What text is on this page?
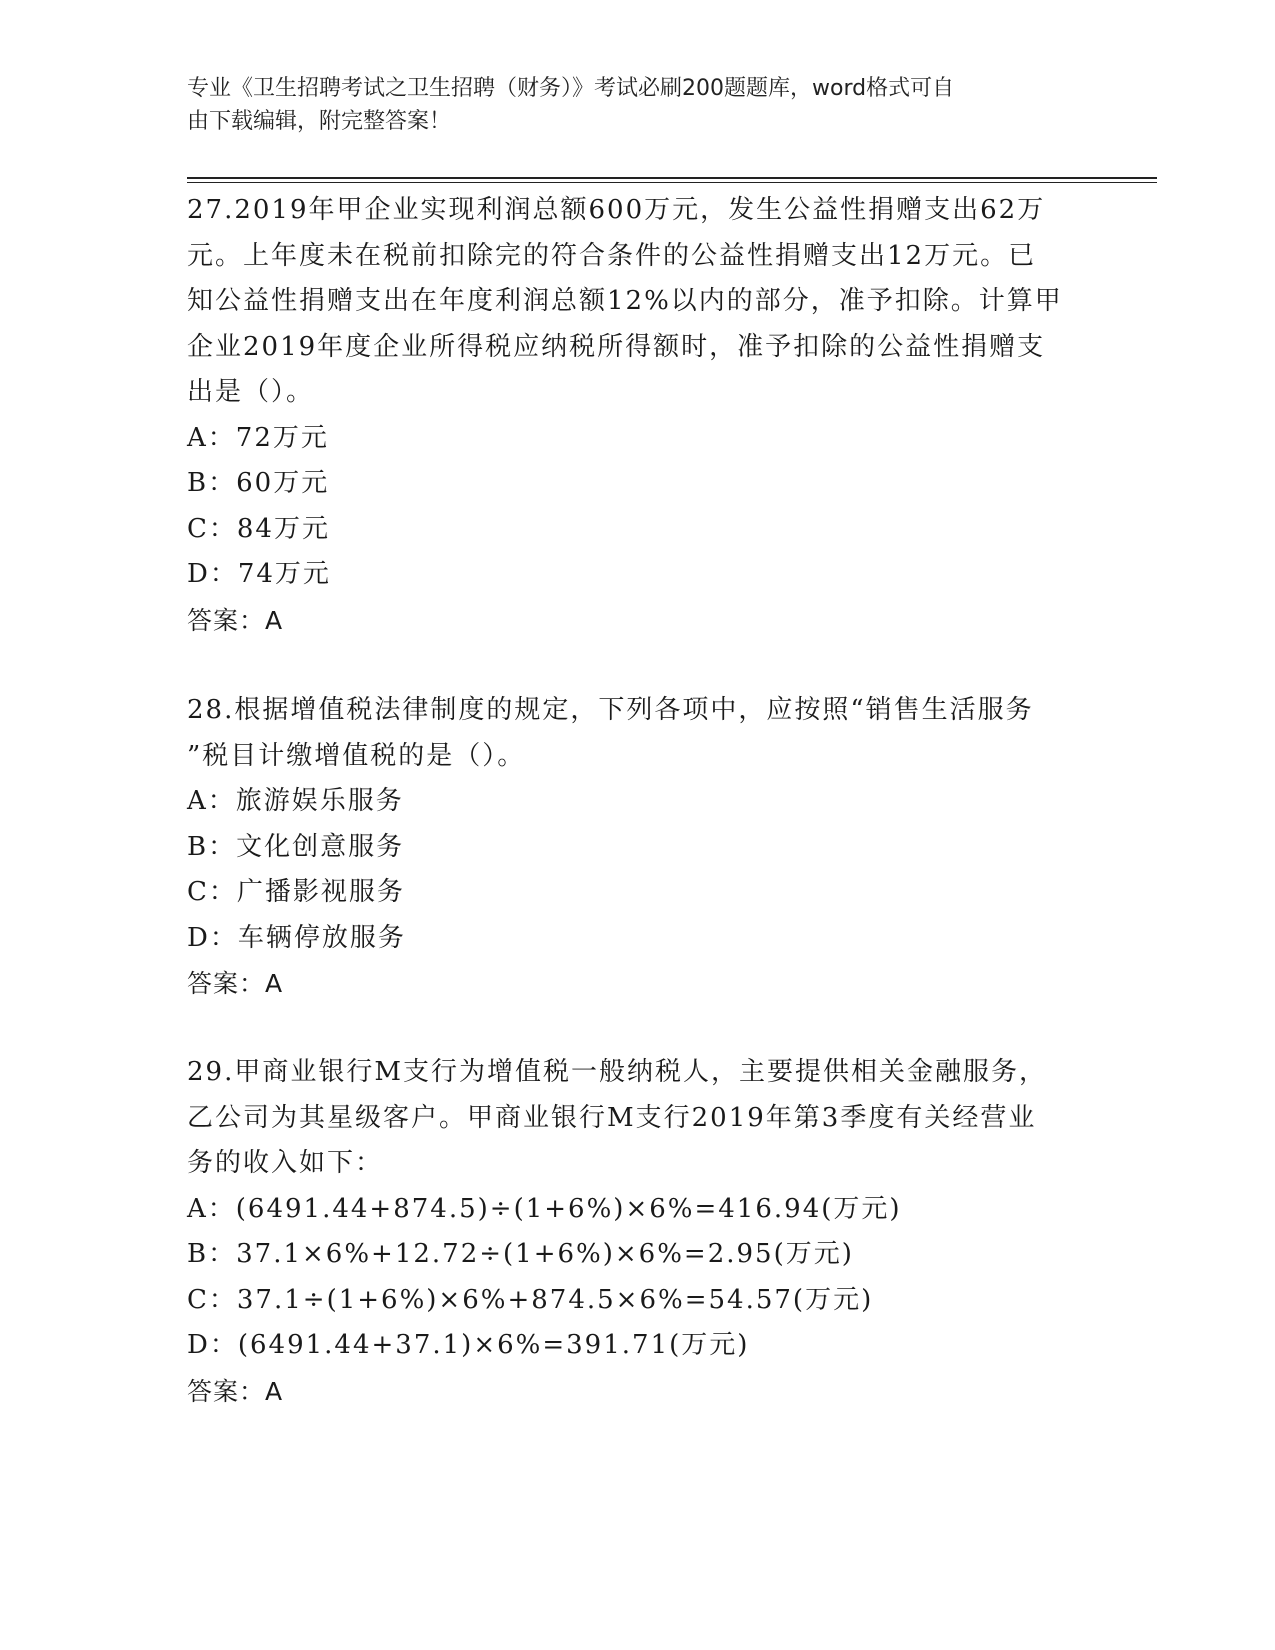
专业《卫生招聘考试之卫生招聘（财务）》考试必刷200题题库，word格式可自
由下载编辑，附完整答案！

27.2019年甲企业实现利润总额600万元，发生公益性捐赠支出62万

元。上年度未在税前扣除完的符合条件的公益性捐赠支出12万元。已

知公益性捐赠支出在年度利润总额12%以内的部分，准予扣除。计算甲

企业2019年度企业所得税应纳税所得额时，准予扣除的公益性捐赠支

出是（）。

A：72万元

B：60万元

C：84万元

D：74万元

答案：A

28.根据增值税法律制度的规定，下列各项中，应按照“销售生活服务

”税目计缴增值税的是（）。

A：旅游娱乐服务

B：文化创意服务

C：广播影视服务

D：车辆停放服务

答案：A

29.甲商业银行M支行为增值税一般纳税人，主要提供相关金融服务，

乙公司为其星级客户。甲商业银行M支行2019年第3季度有关经营业

务的收入如下：

A：(6491.44+874.5)÷(1+6%)×6%=416.94(万元)

B：37.1×6%+12.72÷(1+6%)×6%=2.95(万元)

C：37.1÷(1+6%)×6%+874.5×6%=54.57(万元)

D：(6491.44+37.1)×6%=391.71(万元)

答案：A
